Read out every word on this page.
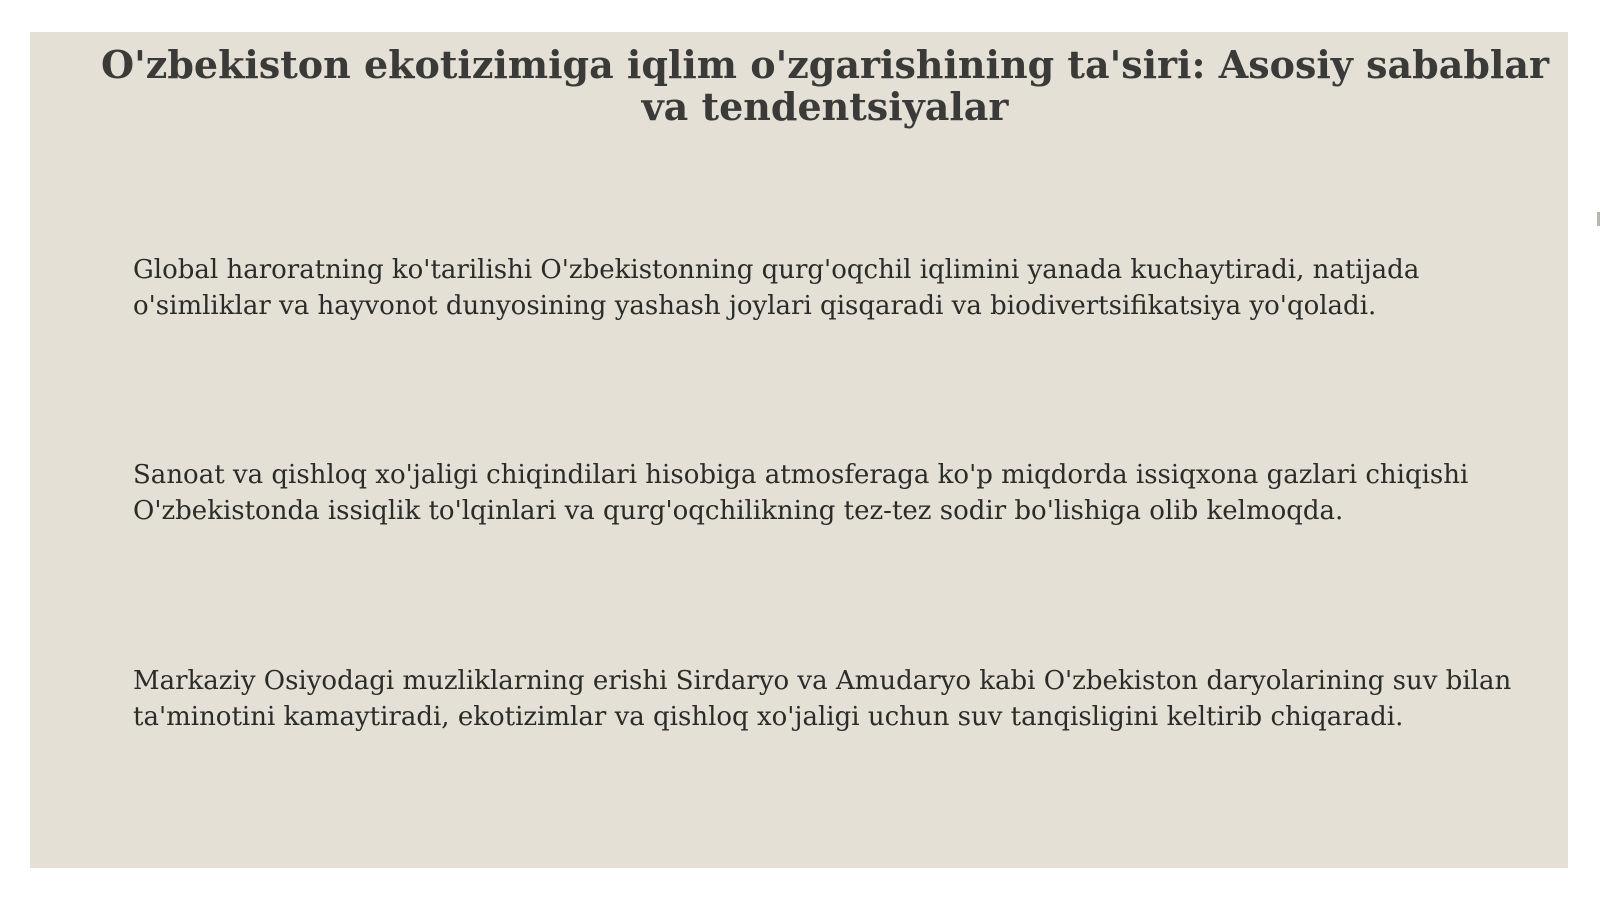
O'zbekiston ekotizimiga iqlim o'zgarishining ta'siri: Asosiy sabablar va tendentsiyalar

Global haroratning ko'tarilishi O'zbekistonning qurg'oqchil iqlimini yanada kuchaytiradi, natijada o'simliklar va hayvonot dunyosining yashash joylari qisqaradi va biodivertsifikatsiya yo'qoladi.

Sanoat va qishloq xo'jaligi chiqindilari hisobiga atmosferaga ko'p miqdorda issiqxona gazlari chiqishi O'zbekistonda issiqlik to'lqinlari va qurg'oqchilikning tez-tez sodir bo'lishiga olib kelmoqda.

Markaziy Osiyodagi muzliklarning erishi Sirdaryo va Amudaryo kabi O'zbekiston daryolarining suv bilan ta'minotini kamaytiradi, ekotizimlar va qishloq xo'jaligi uchun suv tanqisligini keltirib chiqaradi.
